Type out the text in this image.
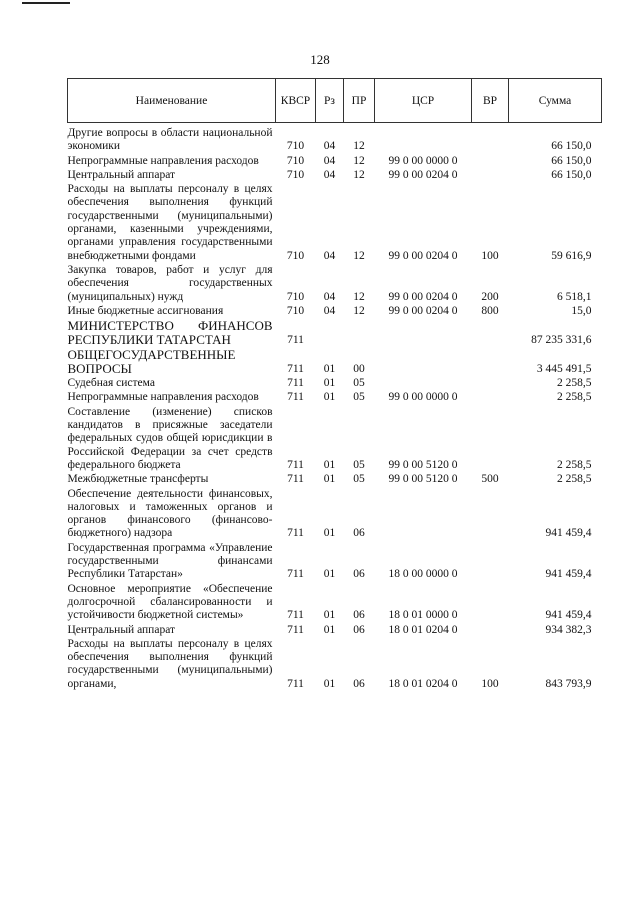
128
Наименование	КВСР	Рз	ПР	ЦСР	ВР	Сумма

Другие вопросы в области национальной экономики	710	04	12			66 150,0
Непрограммные направления расходов	710	04	12	99 0 00 0000 0		66 150,0
Центральный аппарат	710	04	12	99 0 00 0204 0		66 150,0
Расходы на выплаты персоналу в целях обеспечения выполнения функций государственными (муниципальными) органами, казенными учреждениями, органами управления государственными внебюджетными фондами	710	04	12	99 0 00 0204 0	100	59 616,9
Закупка товаров, работ и услуг для обеспечения государственных (муниципальных) нужд	710	04	12	99 0 00 0204 0	200	6 518,1
Иные бюджетные ассигнования	710	04	12	99 0 00 0204 0	800	15,0
МИНИСТЕРСТВО ФИНАНСОВ РЕСПУБЛИКИ ТАТАРСТАН	711					87 235 331,6
ОБЩЕГОСУДАРСТВЕННЫЕ ВОПРОСЫ	711	01	00			3 445 491,5
Судебная система	711	01	05			2 258,5
Непрограммные направления расходов	711	01	05	99 0 00 0000 0		2 258,5
Составление (изменение) списков кандидатов в присяжные заседатели федеральных судов общей юрисдикции в Российской Федерации за счет средств федерального бюджета	711	01	05	99 0 00 5120 0		2 258,5
Межбюджетные трансферты	711	01	05	99 0 00 5120 0	500	2 258,5
Обеспечение деятельности финансовых, налоговых и таможенных органов и органов финансового (финансово-бюджетного) надзора	711	01	06			941 459,4
Государственная программа «Управление государственными финансами Республики Татарстан»	711	01	06	18 0 00 0000 0		941 459,4
Основное мероприятие «Обеспечение долгосрочной сбалансированности и устойчивости бюджетной системы»	711	01	06	18 0 01 0000 0		941 459,4
Центральный аппарат	711	01	06	18 0 01 0204 0		934 382,3
Расходы на выплаты персоналу в целях обеспечения выполнения функций государственными (муниципальными) органами,	711	01	06	18 0 01 0204 0	100	843 793,9
